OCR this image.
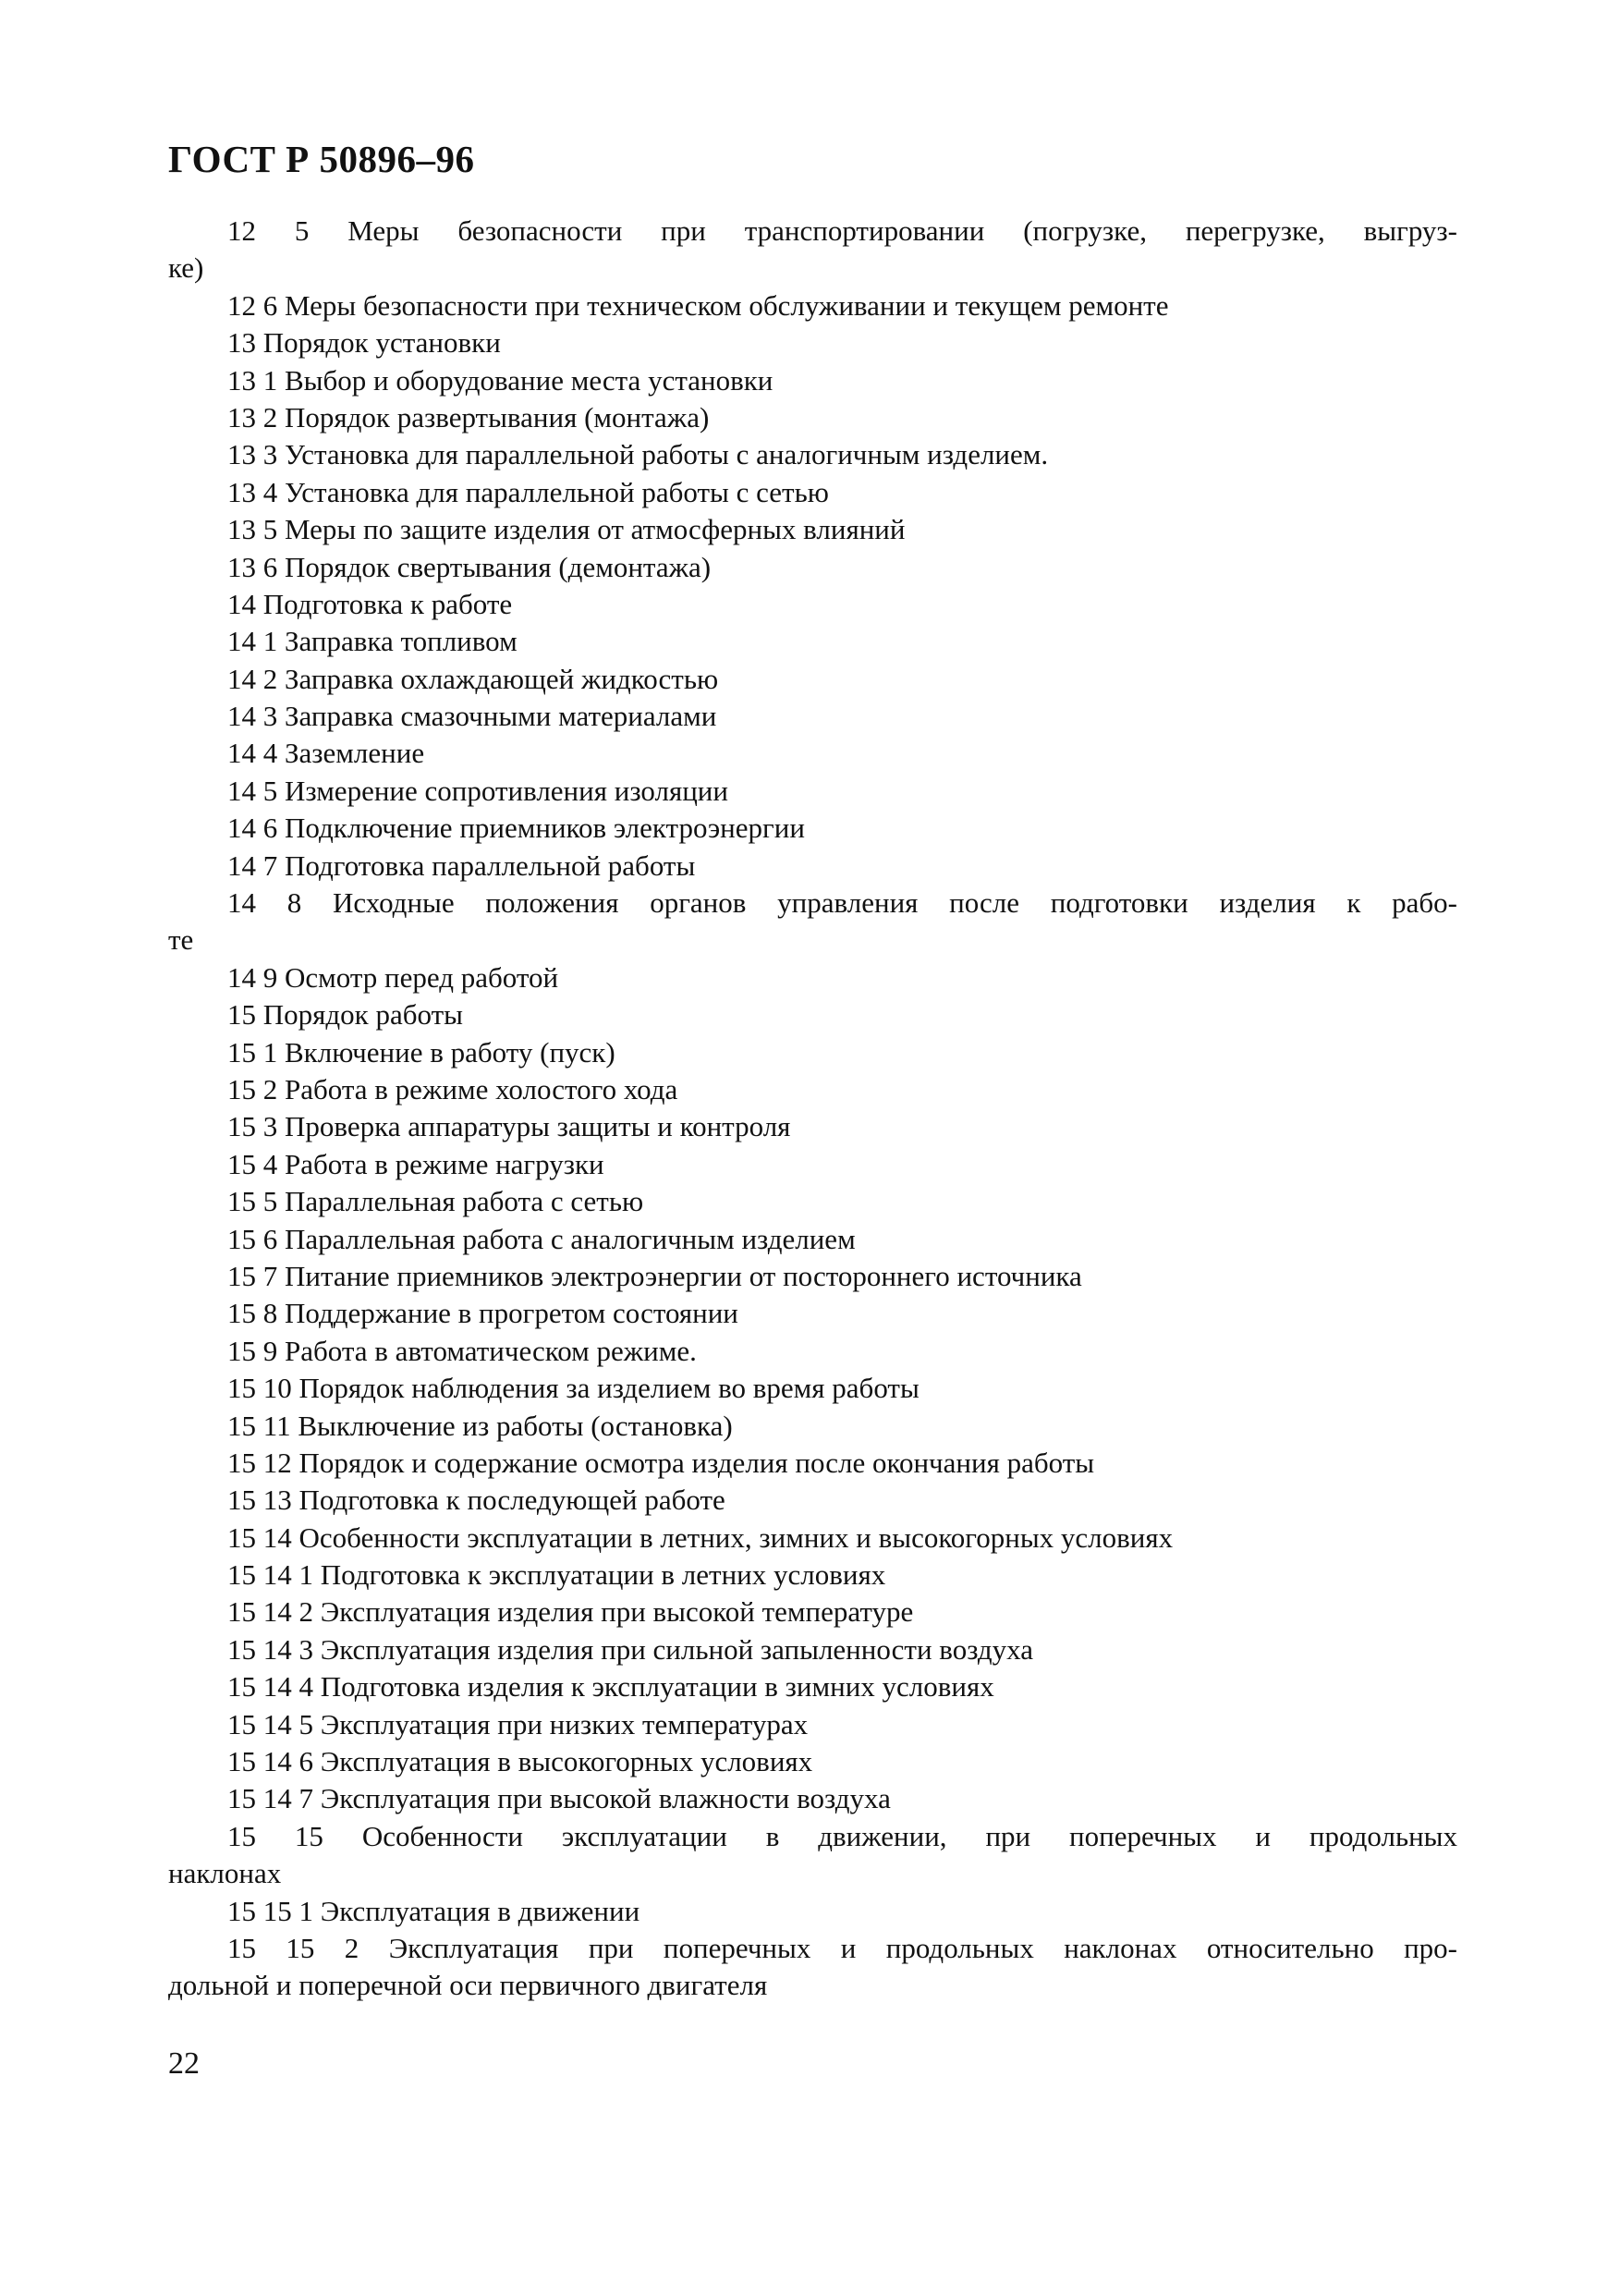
ГОСТ Р 50896–96
12 5 Меры безопасности при транспортировании (погрузке, перегрузке, выгруз-
ке)
12 6 Меры безопасности при техническом обслуживании и текущем ремонте
13 Порядок установки
13 1 Выбор и оборудование места установки
13 2 Порядок развертывания (монтажа)
13 3 Установка для параллельной работы с аналогичным изделием.
13 4 Установка для параллельной работы с сетью
13 5 Меры по защите изделия от атмосферных влияний
13 6 Порядок свертывания (демонтажа)
14 Подготовка к работе
14 1 Заправка топливом
14 2 Заправка охлаждающей жидкостью
14 3 Заправка смазочными материалами
14 4 Заземление
14 5 Измерение сопротивления изоляции
14 6 Подключение приемников электроэнергии
14 7 Подготовка параллельной работы
14 8 Исходные положения органов управления после подготовки изделия к рабо-
те
14 9 Осмотр перед работой
15 Порядок работы
15 1 Включение в работу (пуск)
15 2 Работа в режиме холостого хода
15 3 Проверка аппаратуры защиты и контроля
15 4 Работа в режиме нагрузки
15 5 Параллельная работа с сетью
15 6 Параллельная работа с аналогичным изделием
15 7 Питание приемников электроэнергии от постороннего источника
15 8 Поддержание в прогретом состоянии
15 9 Работа в автоматическом режиме.
15 10 Порядок наблюдения за изделием во время работы
15 11 Выключение из работы (остановка)
15 12 Порядок и содержание осмотра изделия после окончания работы
15 13 Подготовка к последующей работе
15 14 Особенности эксплуатации в летних, зимних и высокогорных условиях
15 14 1 Подготовка к эксплуатации в летних условиях
15 14 2 Эксплуатация изделия при высокой температуре
15 14 3 Эксплуатация изделия при сильной запыленности воздуха
15 14 4 Подготовка изделия к эксплуатации в зимних условиях
15 14 5 Эксплуатация при низких температурах
15 14 6 Эксплуатация в высокогорных условиях
15 14 7 Эксплуатация при высокой влажности воздуха
15 15 Особенности эксплуатации в движении, при поперечных и продольных
наклонах
15 15 1 Эксплуатация в движении
15 15 2 Эксплуатация при поперечных и продольных наклонах относительно про-
дольной и поперечной оси первичного двигателя
22
